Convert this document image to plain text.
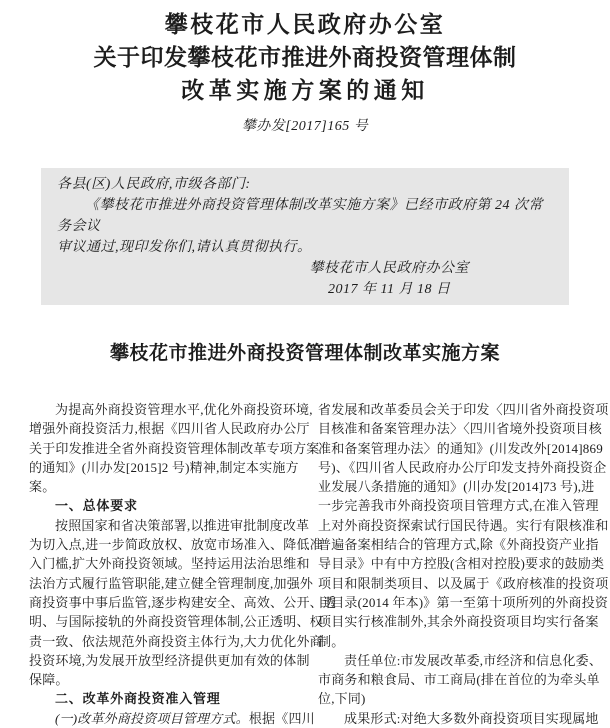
攀枝花市人民政府办公室
关于印发攀枝花市推进外商投资管理体制
改革实施方案的通知
攀办发[2017]165 号
各县(区)人民政府,市级各部门:
《攀枝花市推进外商投资管理体制改革实施方案》已经市政府第 24 次常务会议
审议通过,现印发你们,请认真贯彻执行。
攀枝花市人民政府办公室
2017 年 11 月 18 日
攀枝花市推进外商投资管理体制改革实施方案
为提高外商投资管理水平,优化外商投资环境,
增强外商投资活力,根据《四川省人民政府办公厅
关于印发推进全省外商投资管理体制改革专项方案
的通知》(川办发[2015]2 号)精神,制定本实施方
案。
一、总体要求
按照国家和省决策部署,以推进审批制度改革
为切入点,进一步简政放权、放宽市场准入、降低准
入门槛,扩大外商投资领域。坚持运用法治思维和
法治方式履行监管职能,建立健全管理制度,加强外
商投资事中事后监管,逐步构建安全、高效、公开、透
明、与国际接轨的外商投资管理体制,公正透明、权
责一致、依法规范外商投资主体行为,大力优化外商
投资环境,为发展开放型经济提供更加有效的体制
保障。
二、改革外商投资准入管理
(一)改革外商投资项目管理方式。根据《四川
省发展和改革委员会关于印发〈四川省外商投资项
目核准和备案管理办法〉〈四川省境外投资项目核
准和备案管理办法〉的通知》(川发改外[2014]869
号)、《四川省人民政府办公厅印发支持外商投资企
业发展八条措施的通知》(川办发[2014]73 号),进
一步完善我市外商投资项目管理方式,在准入管理
上对外商投资探索试行国民待遇。实行有限核准和
普遍备案相结合的管理方式,除《外商投资产业指
导目录》中有中方控股(含相对控股)要求的鼓励类
项目和限制类项目、以及属于《政府核准的投资项
目目录(2014 年本)》第一至第十项所列的外商投资
项目实行核准制外,其余外商投资项目均实行备案
制。
责任单位:市发展改革委,市经济和信息化委、
市商务和粮食局、市工商局(排在首位的为牵头单
位,下同)
成果形式:对绝大多数外商投资项目实现属地
